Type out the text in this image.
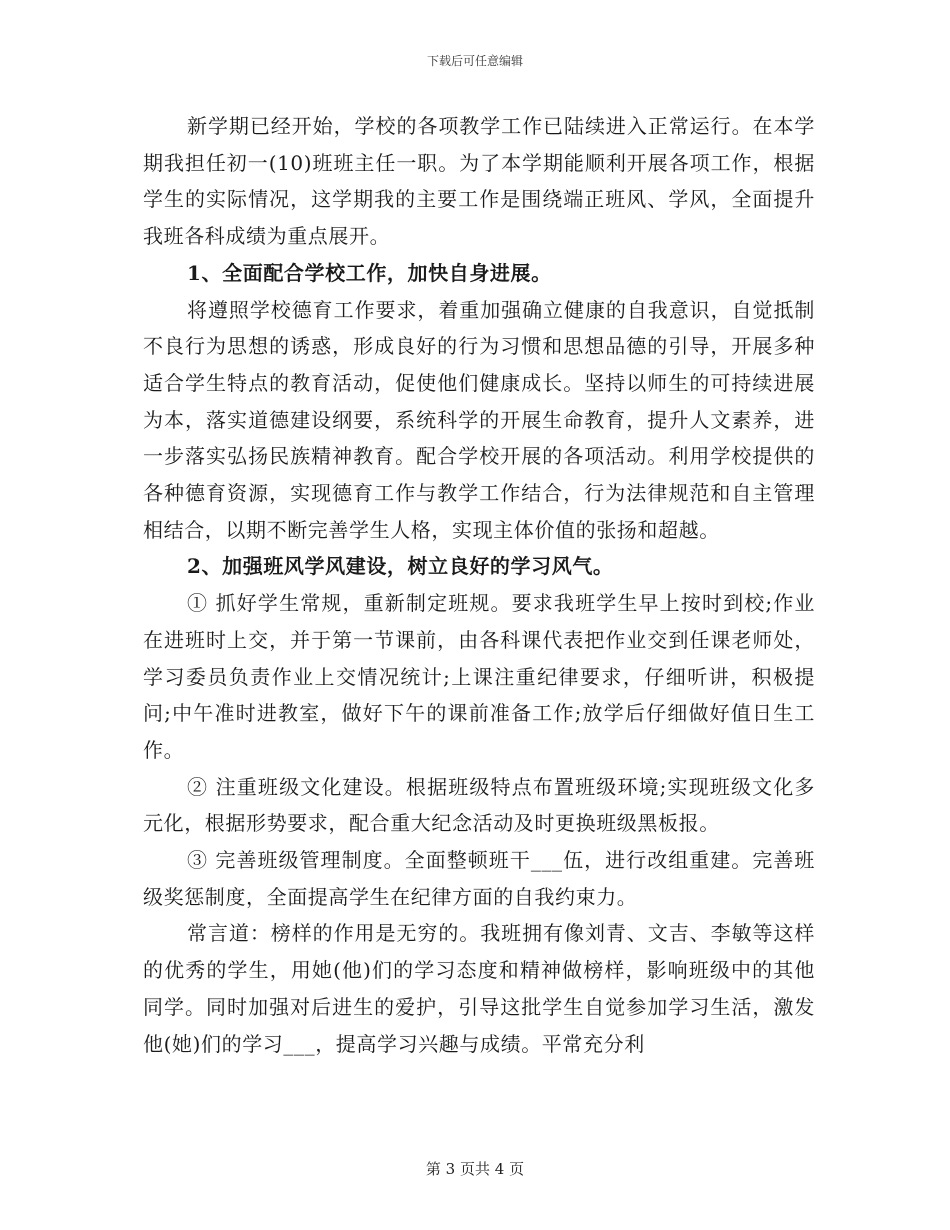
下载后可任意编辑

新学期已经开始，学校的各项教学工作已陆续进入正常运行。在本学期我担任初一(10)班班主任一职。为了本学期能顺利开展各项工作，根据学生的实际情况，这学期我的主要工作是围绕端正班风、学风，全面提升我班各科成绩为重点展开。

1、全面配合学校工作，加快自身进展。

将遵照学校德育工作要求，着重加强确立健康的自我意识，自觉抵制不良行为思想的诱惑，形成良好的行为习惯和思想品德的引导，开展多种适合学生特点的教育活动，促使他们健康成长。坚持以师生的可持续进展为本，落实道德建设纲要，系统科学的开展生命教育，提升人文素养，进一步落实弘扬民族精神教育。配合学校开展的各项活动。利用学校提供的各种德育资源，实现德育工作与教学工作结合，行为法律规范和自主管理相结合，以期不断完善学生人格，实现主体价值的张扬和超越。

2、加强班风学风建设，树立良好的学习风气。

① 抓好学生常规，重新制定班规。要求我班学生早上按时到校;作业在进班时上交，并于第一节课前，由各科课代表把作业交到任课老师处，学习委员负责作业上交情况统计;上课注重纪律要求，仔细听讲，积极提问;中午准时进教室，做好下午的课前准备工作;放学后仔细做好值日生工作。

② 注重班级文化建设。根据班级特点布置班级环境;实现班级文化多元化，根据形势要求，配合重大纪念活动及时更换班级黑板报。

③ 完善班级管理制度。全面整顿班干___伍，进行改组重建。完善班级奖惩制度，全面提高学生在纪律方面的自我约束力。

常言道：榜样的作用是无穷的。我班拥有像刘青、文吉、李敏等这样的优秀的学生，用她(他)们的学习态度和精神做榜样，影响班级中的其他同学。同时加强对后进生的爱护，引导这批学生自觉参加学习生活，激发他(她)们的学习___，提高学习兴趣与成绩。平常充分利

第 3 页共 4 页
